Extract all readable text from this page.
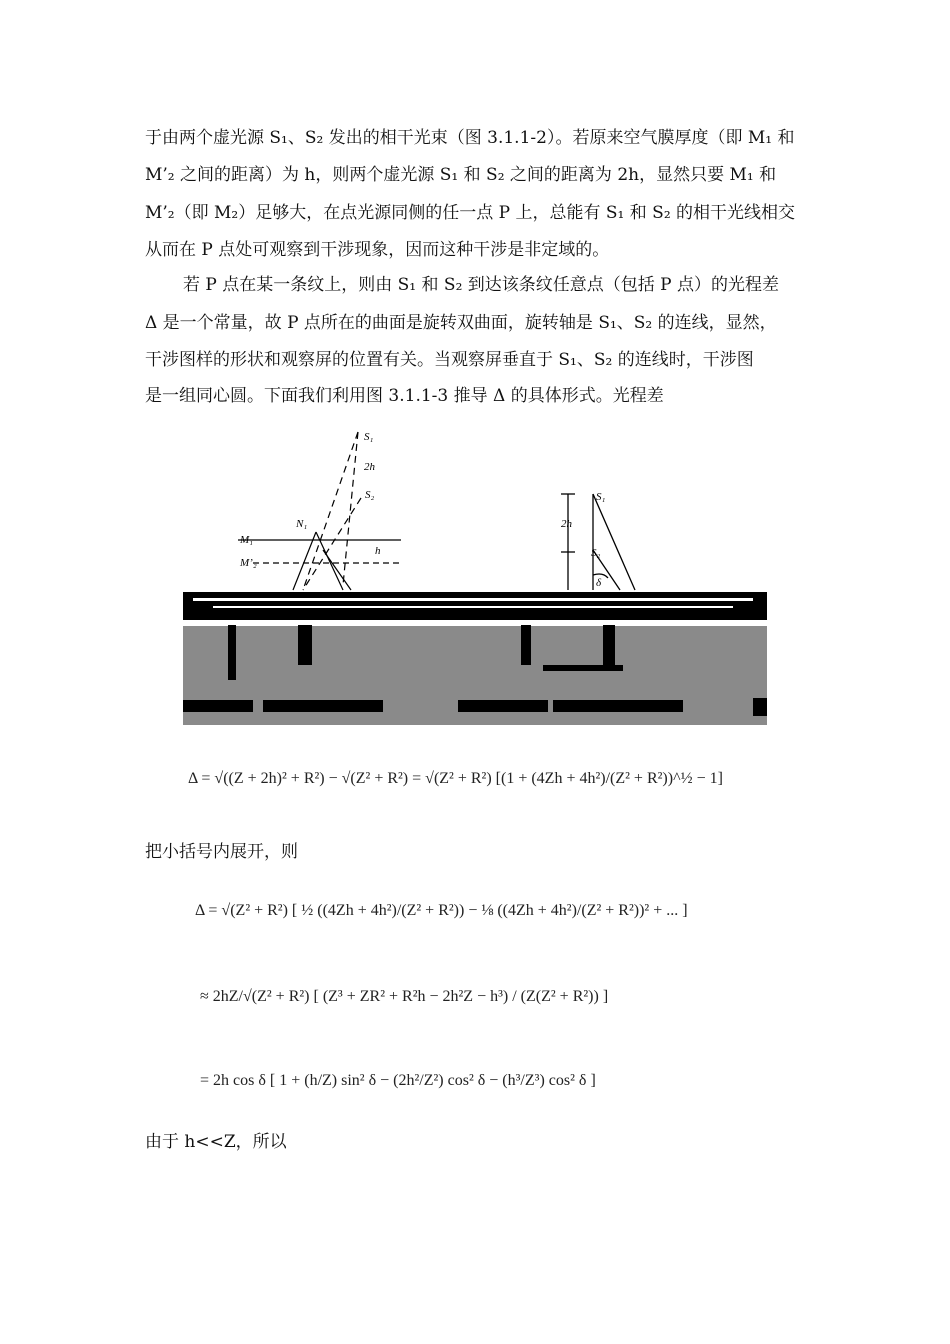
于由两个虚光源 S₁、S₂ 发出的相干光束（图 3.1.1-2）。若原来空气膜厚度（即 M₁ 和
M’₂ 之间的距离）为 h，则两个虚光源 S₁ 和 S₂ 之间的距离为 2h，显然只要 M₁ 和
M’₂（即 M₂）足够大，在点光源同侧的任一点 P 上，总能有 S₁ 和 S₂ 的相干光线相交
从而在 P 点处可观察到干涉现象，因而这种干涉是非定域的。
若 P 点在某一条纹上，则由 S₁ 和 S₂ 到达该条纹任意点（包括 P 点）的光程差
Δ 是一个常量，故 P 点所在的曲面是旋转双曲面，旋转轴是 S₁、S₂ 的连线，显然，
干涉图样的形状和观察屏的位置有关。当观察屏垂直于 S₁、S₂ 的连线时，干涉图
是一组同心圆。下面我们利用图 3.1.1-3 推导 Δ 的具体形式。光程差
S₁
2h
S₂
N₁
M₁
M’₂
h
S₁
2h
S₂
δ
Δ = √((Z + 2h)² + R²) − √(Z² + R²) = √(Z² + R²) [(1 + (4Zh + 4h²)/(Z² + R²))^½ − 1]
把小括号内展开，则
Δ = √(Z² + R²) [ ½ ((4Zh + 4h²)/(Z² + R²)) − ⅛ ((4Zh + 4h²)/(Z² + R²))² + ... ]
≈ 2hZ/√(Z² + R²) [ (Z³ + ZR² + R²h − 2h²Z − h³) / (Z(Z² + R²)) ]
= 2h cos δ [ 1 + (h/Z) sin² δ − (2h²/Z²) cos² δ − (h³/Z³) cos² δ ]
由于 h<<Z，所以
